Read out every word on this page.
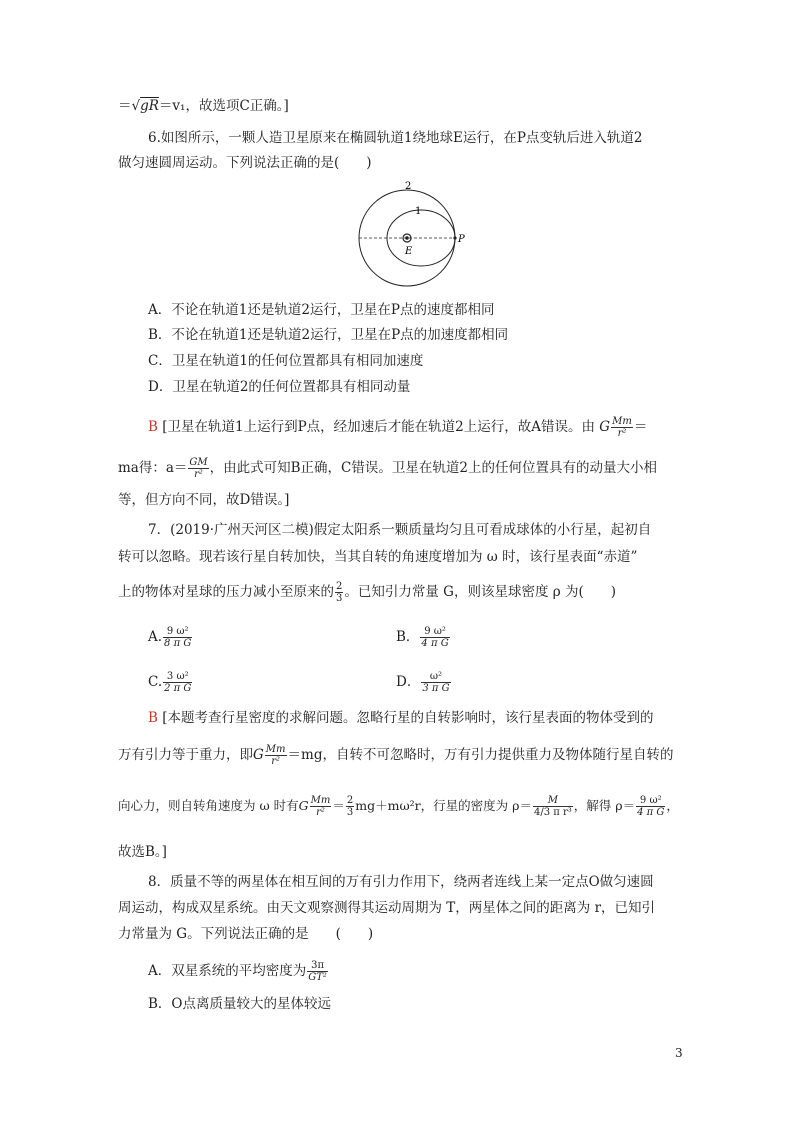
＝√gR＝v₁，故选项C正确。]
6.如图所示，一颗人造卫星原来在椭圆轨道1绕地球E运行，在P点变轨后进入轨道2
做匀速圆周运动。下列说法正确的是(　　)
2
1
E
P
A．不论在轨道1还是轨道2运行，卫星在P点的速度都相同
B．不论在轨道1还是轨道2运行，卫星在P点的加速度都相同
C．卫星在轨道1的任何位置都具有相同加速度
D．卫星在轨道2的任何位置都具有相同动量
B [卫星在轨道1上运行到P点，经加速后才能在轨道2上运行，故A错误。由 G $\frac{Mm}{\text{r²}}$ ＝
ma得：$a= \frac{GM}{\text{r²}}$ ，由此式可知B正确，C错误。卫星在轨道2上的任何位置具有的动量大小相
等，但方向不同，故D错误。]
7．(2019·广州天河区二模)假定太阳系一颗质量均匀且可看成球体的小行星，起初自
转可以忽略。现若该行星自转加快，当其自转的角速度增加为 ω 时，该行星表面“赤道”
上的物体对星球的压力减小至原来的 $\frac{2}{3}$ 。已知引力常量 G，则该星球密度 ρ 为(　　)
A. $\frac{\text{9 ω²}}{\text{8 π G}}$	B． $\frac{\text{9 ω²}}{\text{4 π G}}$
C. $\frac{\text{3 ω²}}{\text{2 π G}}$	D． $\frac{\text{ω²}}{\text{3 π G}}$
B [本题考查行星密度的求解问题。忽略行星的自转影响时，该行星表面的物体受到的
万有引力等于重力，即G $\frac{Mm}{\text{r²}} =mg$，自转不可忽略时，万有引力提供重力及物体随行星自转的
向心力，则自转角速度为 ω 时有G $\frac{Mm}{\text{r²}} = \frac{2}{3} mg+m\omega^2r$，行星的密度为 $\rho= \frac{M}{\text{4/3 π r³}}$ ，解得 $\rho= \frac{\text{9 ω²}}{\text{4 π G}}$ ，
故选B。]
8．质量不等的两星体在相互间的万有引力作用下，绕两者连线上某一定点O做匀速圆
周运动，构成双星系统。由天文观察测得其运动周期为 T，两星体之间的距离为 r，已知引
力常量为 G。下列说法正确的是　　(　　)
A．双星系统的平均密度为 $\frac{3\pi}{\text{GT²}}$
B．O点离质量较大的星体较远
3
